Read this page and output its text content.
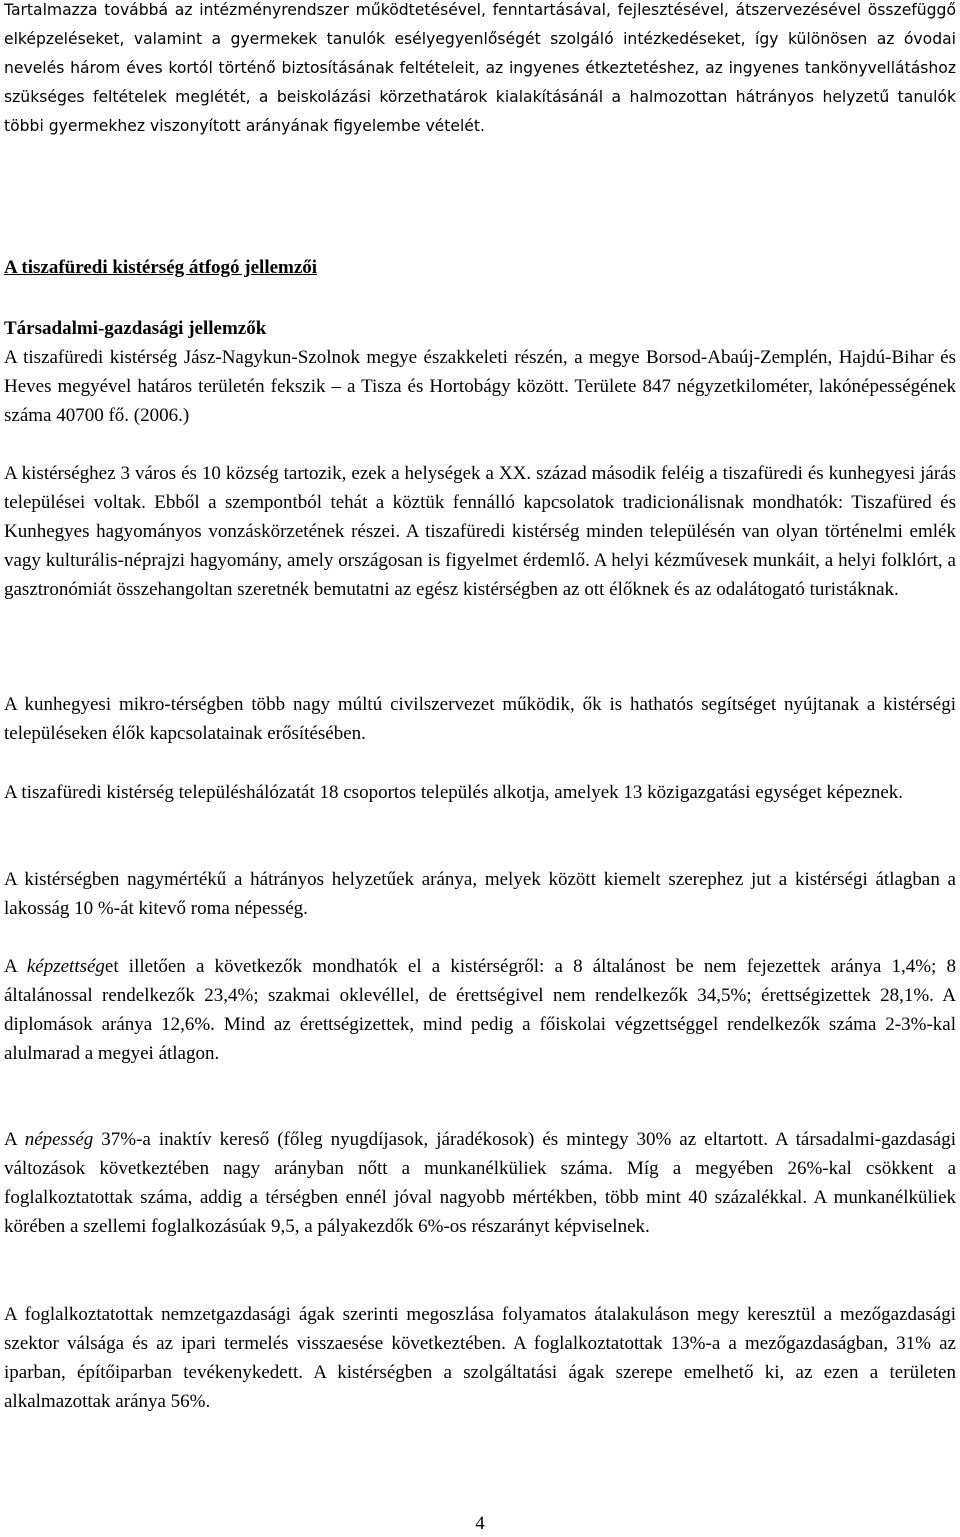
Tartalmazza továbbá az intézményrendszer működtetésével, fenntartásával, fejlesztésével, átszervezésével összefüggő elképzeléseket, valamint a gyermekek tanulók esélyegyenlőségét szolgáló intézkedéseket, így különösen az óvodai nevelés három éves kortól történő biztosításának feltételeit, az ingyenes étkeztetéshez, az ingyenes tankönyvellátáshoz szükséges feltételek meglétét, a beiskolázási körzethatárok kialakításánál a halmozottan hátrányos helyzetű tanulók többi gyermekhez viszonyított arányának figyelembe vételét.

A tiszafüredi kistérség átfogó jellemzői
Társadalmi-gazdasági jellemzők

A tiszafüredi kistérség Jász-Nagykun-Szolnok megye északkeleti részén, a megye Borsod-Abaúj-Zemplén, Hajdú-Bihar és Heves megyével határos területén fekszik – a Tisza és Hortobágy között. Területe 847 négyzetkilométer, lakónépességének száma 40700 fő. (2006.)

A kistérséghez 3 város és 10 község tartozik, ezek a helységek a XX. század második feléig a tiszafüredi és kunhegyesi járás települései voltak. Ebből a szempontból tehát a köztük fennálló kapcsolatok tradicionálisnak mondhatók: Tiszafüred és Kunhegyes hagyományos vonzáskörzetének részei. A tiszafüredi kistérség minden településén van olyan történelmi emlék vagy kulturális-néprajzi hagyomány, amely országosan is figyelmet érdemlő. A helyi kézművesek munkáit, a helyi folklórt, a gasztronómiát összehangoltan szeretnék bemutatni az egész kistérségben az ott élőknek és az odalátogató turistáknak.

A kunhegyesi mikro-térségben több nagy múltú civilszervezet működik, ők is hathatós segítséget nyújtanak a kistérségi településeken élők kapcsolatainak erősítésében.

A tiszafüredi kistérség településhálózatát 18 csoportos település alkotja, amelyek 13 közigazgatási egységet képeznek.

A kistérségben nagymértékű a hátrányos helyzetűek aránya, melyek között kiemelt szerephez jut a kistérségi átlagban a lakosság 10 %-át kitevő roma népesség.

A képzettséget illetően a következők mondhatók el a kistérségről: a 8 általánost be nem fejezettek aránya 1,4%; 8 általánossal rendelkezők 23,4%; szakmai oklevéllel, de érettségivel nem rendelkezők 34,5%; érettségizettek 28,1%. A diplomások aránya 12,6%. Mind az érettségizettek, mind pedig a főiskolai végzettséggel rendelkezők száma 2-3%-kal alulmarad a megyei átlagon.

A népesség 37%-a inaktív kereső (főleg nyugdíjasok, járadékosok) és mintegy 30% az eltartott. A társadalmi-gazdasági változások következtében nagy arányban nőtt a munkanélküliek száma. Míg a megyében 26%-kal csökkent a foglalkoztatottak száma, addig a térségben ennél jóval nagyobb mértékben, több mint 40 százalékkal. A munkanélküliek körében a szellemi foglalkozásúak 9,5, a pályakezdők 6%-os részarányt képviselnek.

A foglalkoztatottak nemzetgazdasági ágak szerinti megoszlása folyamatos átalakuláson megy keresztül a mezőgazdasági szektor válsága és az ipari termelés visszaesése következtében. A foglalkoztatottak 13%-a a mezőgazdaságban, 31% az iparban, építőiparban tevékenykedett. A kistérségben a szolgáltatási ágak szerepe emelhető ki, az ezen a területen alkalmazottak aránya 56%.

4
